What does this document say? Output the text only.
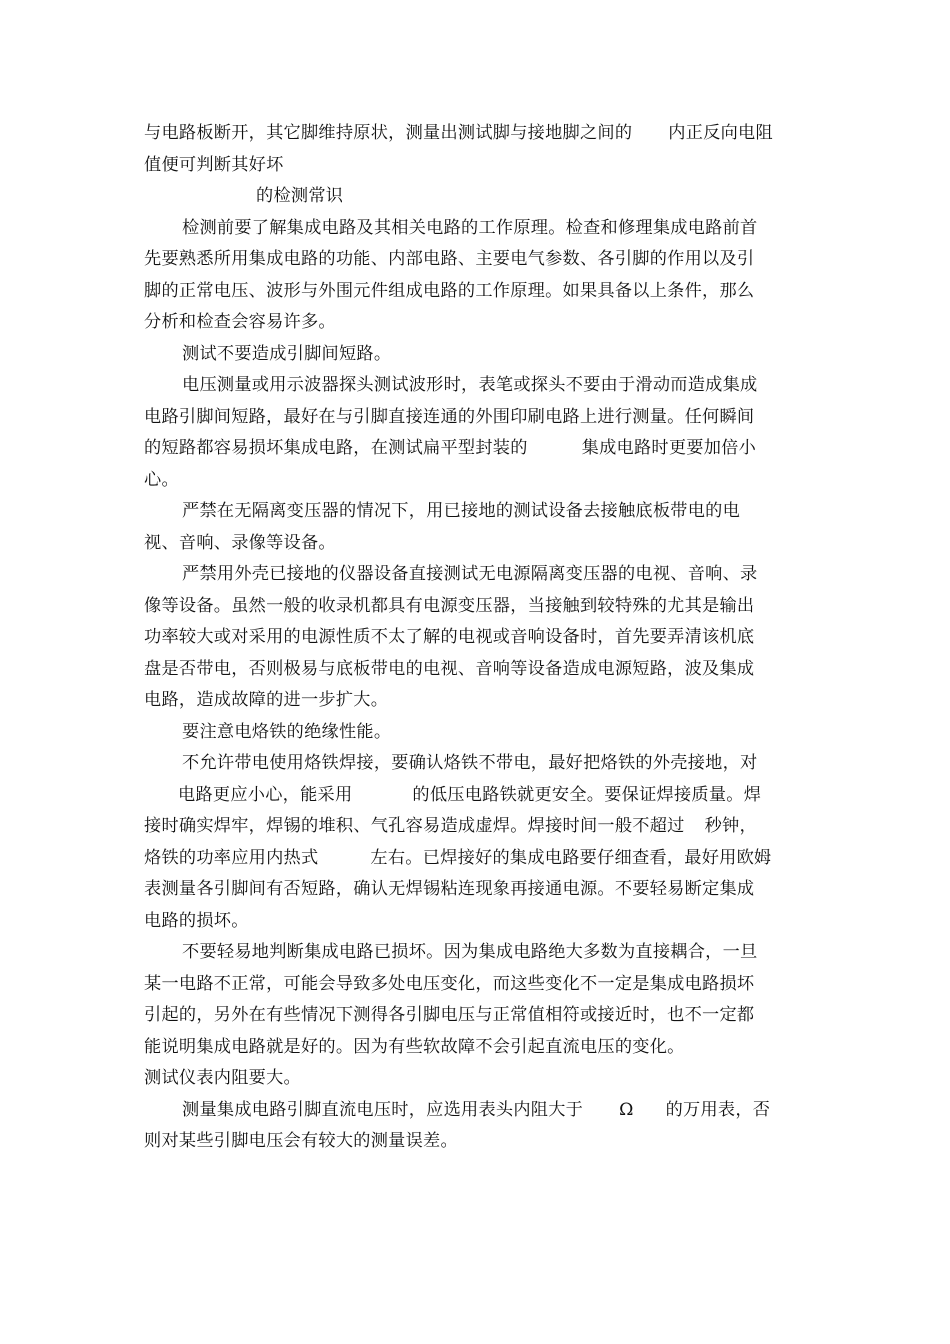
与电路板断开，其它脚维持原状，测量出测试脚与接地脚之间的 内正反向电阻
值便可判断其好坏
的检测常识
检测前要了解集成电路及其相关电路的工作原理。检查和修理集成电路前首
先要熟悉所用集成电路的功能、内部电路、主要电气参数、各引脚的作用以及引
脚的正常电压、波形与外围元件组成电路的工作原理。如果具备以上条件，那么
分析和检查会容易许多。
测试不要造成引脚间短路。
电压测量或用示波器探头测试波形时，表笔或探头不要由于滑动而造成集成
电路引脚间短路，最好在与引脚直接连通的外围印刷电路上进行测量。任何瞬间
的短路都容易损坏集成电路，在测试扁平型封装的	集成电路时更要加倍小
心。
严禁在无隔离变压器的情况下，用已接地的测试设备去接触底板带电的电
视、音响、录像等设备。
严禁用外壳已接地的仪器设备直接测试无电源隔离变压器的电视、音响、录
像等设备。虽然一般的收录机都具有电源变压器，当接触到较特殊的尤其是输出
功率较大或对采用的电源性质不太了解的电视或音响设备时，首先要弄清该机底
盘是否带电，否则极易与底板带电的电视、音响等设备造成电源短路，波及集成
电路，造成故障的进一步扩大。
要注意电烙铁的绝缘性能。
不允许带电使用烙铁焊接，要确认烙铁不带电，最好把烙铁的外壳接地，对
电路更应小心，能采用	的低压电路铁就更安全。要保证焊接质量。焊
接时确实焊牢，焊锡的堆积、气孔容易造成虚焊。焊接时间一般不超过 秒钟，
烙铁的功率应用内热式	左右。已焊接好的集成电路要仔细查看，最好用欧姆
表测量各引脚间有否短路，确认无焊锡粘连现象再接通电源。不要轻易断定集成
电路的损坏。
不要轻易地判断集成电路已损坏。因为集成电路绝大多数为直接耦合，一旦
某一电路不正常，可能会导致多处电压变化，而这些变化不一定是集成电路损坏
引起的，另外在有些情况下测得各引脚电压与正常值相符或接近时，也不一定都
能说明集成电路就是好的。因为有些软故障不会引起直流电压的变化。
测试仪表内阻要大。
测量集成电路引脚直流电压时，应选用表头内阻大于 Ω 的万用表，否
则对某些引脚电压会有较大的测量误差。
